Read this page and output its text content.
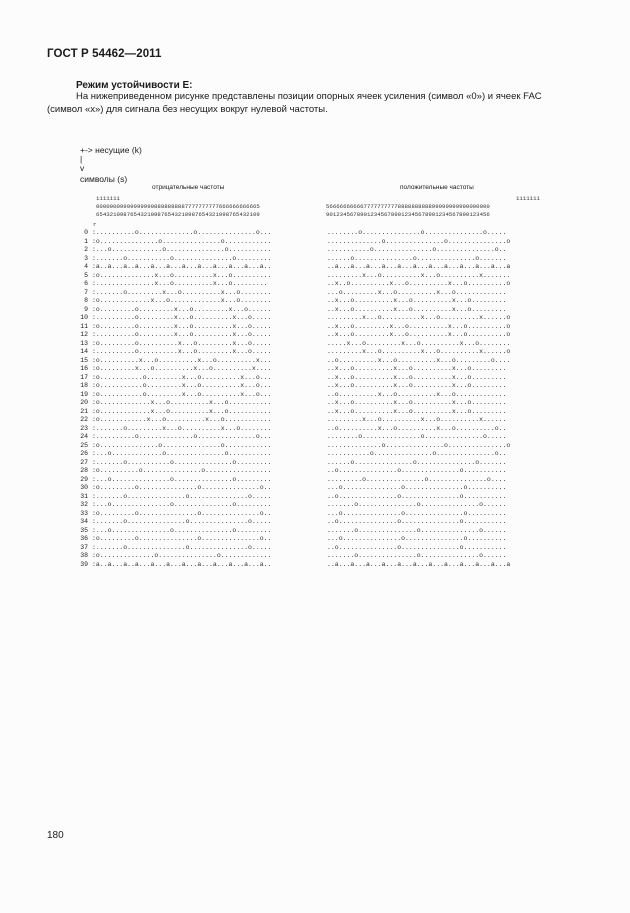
ГОСТ Р 54462—2011
Режим устойчивости Е:
На нижеприведенном рисунке представлены позиции опорных ячеек усиления (символ «0») и ячеек FAC
(символ «x») для сигнала без несущих вокруг нулевой частоты.
+-> несущие (k)
|
v
символы (s)
отрицательные частоты	положительные частоты
1111111
000000099999999998888888887777777777666666666665
654321098765432109876543210987654321098765432109
1111111
566666666667777777777888888888899999999990000000
901234567890123456789012345678901234567890123456
r
0
1
2
3
4
5
6
7
8
9
10
11
12
13
14
15
16
17
18
19
20
21
22
23
24
25
26
27
28
29
30
31
32
33
34
35
36
37
38
39
:..........o..............o...............o...
:o...............o...............o............
:...o.............o...............o...........
:.......o...........o...............o.........
:a..a...a..a...a...a...a...a...a...a...a...a..
:o..............x...o..........x...o..........
:...............x...o..........x...o.........
:.......o.........x...o..........x...o........
:o.............x...o.............x...o........
:o.........o.........x...o.........x...o......
:..........o.........x...o..........x...o.....
:o.........o.........x...o..........x...o.....
:..........o.........x...o..........x...o.....
:o.........o..........x...o.........x...o.....
:..........o..........x...o.........x...o.....
:o..........x...o..........x...o..........x...
:o.........x...o..........x...o..........x....
:o...........o.........x...o..........x...o...
:o...........o.........x...o..........x...o...
:o...........o.........x...o..........x...o...
:o.............x...o..........x...o...........
:o.............x...o..........x...o...........
:o............x...o..........x...o............
:.......o.........x...o..........x...o........
:..........o..............o...............o...
:o...............o...............o............
:...o.............o...............o...........
:.......o...........o...............o.........
:o..........o...............o.................
:...o...............o...............o.........
:o.........o...............o...............o..
:.......o...............o...............o.....
:...o...............o...............o.........
:o.........o...............o...............o..
:.......o...............o...............o.....
:...o...............o...............o.........
:o.........o...............o...............o..
:.......o...............o...............o.....
:o..............o...............o.............
:a..a...a..a...a...a...a...a...a...a...a...a..
........o...............o...............o.....
..............o...............o...............o
...........o...............o...............o..
......o...............o...............o.......
..a...a...a...a...a...a...a...a...a...a...a...a
.........x...o..........x...o..........x.......
..x..o..........x...o..........x...o..........o
...o.........x...o..........x...o.............
..x...o..........x...o..........x...o.........
..x...o..........x...o..........x...o.........
.........x...o..........x...o..........x......o
..x...o.........x...o..........x...o..........o
..x...o.........x...o..........x...o..........o
.....x...o.........x...o..........x...o........
.........x...o..........x...o..........x......o
..o..........x...o..........x...o.........o....
..x...o..........x...o..........x...o.........
..x...o..........x...o..........x...o.........
..x...o..........x...o..........x...o.........
..o..........x...o..........x...o.............
..x...o..........x...o..........x...o.........
..x...o..........x...o..........x...o.........
.........x...o..........x...o..........x......
..o..........x...o..........x...o..........o..
........o...............o...............o.....
..............o...............o...............o
...........o...............o...............o..
......o...............o...............o.......
..o...............o...............o...........
.........o...............o...............o....
...o...............o...............o..........
..o...............o...............o...........
.......o...............o...............o......
...o...............o...............o..........
..o...............o...............o...........
.......o...............o...............o......
...o...............o...............o..........
..o...............o...............o...........
.......o...............o...............o......
..a...a...a...a...a...a...a...a...a...a...a...a
180
